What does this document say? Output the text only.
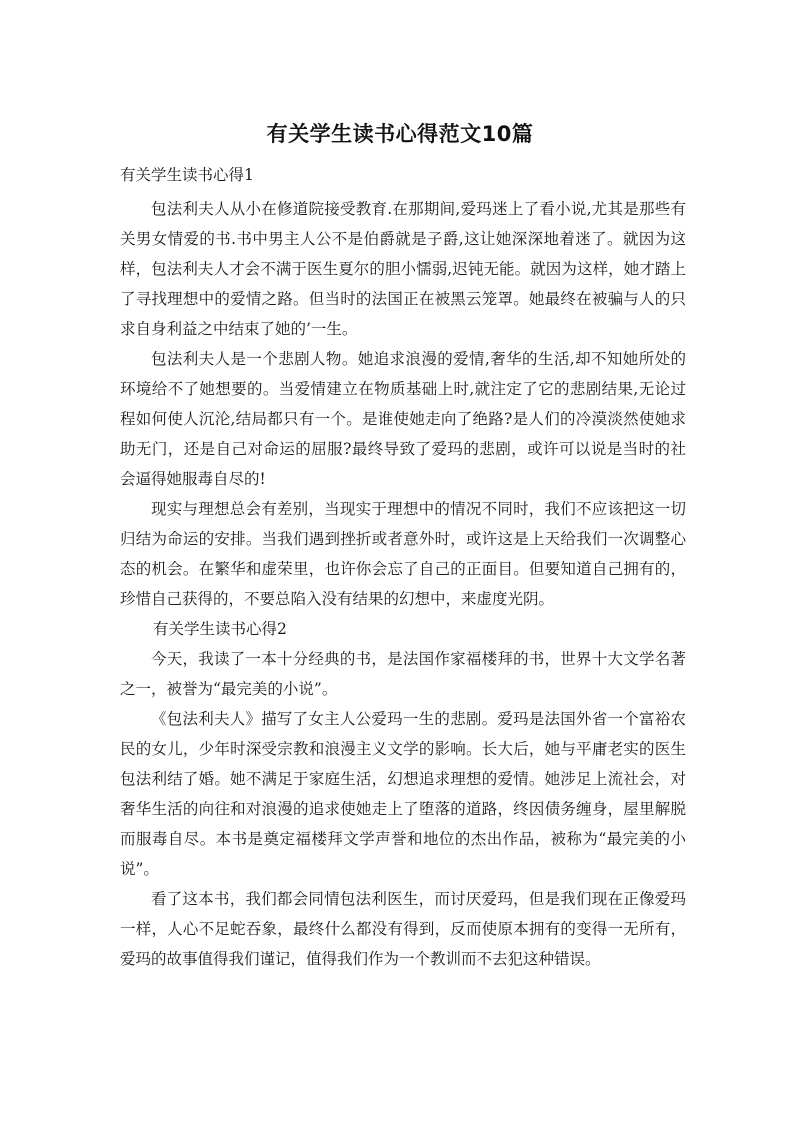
有关学生读书心得范文10篇
有关学生读书心得1

包法利夫人从小在修道院接受教育.在那期间,爱玛迷上了看小说,尤其是那些有关男女情爱的书.书中男主人公不是伯爵就是子爵,这让她深深地着迷了。就因为这样，包法利夫人才会不满于医生夏尔的胆小懦弱,迟钝无能。就因为这样，她才踏上了寻找理想中的爱情之路。但当时的法国正在被黑云笼罩。她最终在被骗与人的只求自身利益之中结束了她的’一生。

包法利夫人是一个悲剧人物。她追求浪漫的爱情,奢华的生活,却不知她所处的环境给不了她想要的。当爱情建立在物质基础上时,就注定了它的悲剧结果,无论过程如何使人沉沦,结局都只有一个。是谁使她走向了绝路?是人们的冷漠淡然使她求助无门，还是自己对命运的屈服?最终导致了爱玛的悲剧，或许可以说是当时的社会逼得她服毒自尽的!

现实与理想总会有差别，当现实于理想中的情况不同时，我们不应该把这一切归结为命运的安排。当我们遇到挫折或者意外时，或许这是上天给我们一次调整心态的机会。在繁华和虚荣里，也许你会忘了自己的正面目。但要知道自己拥有的，珍惜自己获得的，不要总陷入没有结果的幻想中，来虚度光阴。

有关学生读书心得2

今天，我读了一本十分经典的书，是法国作家福楼拜的书，世界十大文学名著之一，被誉为“最完美的小说”。

《包法利夫人》描写了女主人公爱玛一生的悲剧。爱玛是法国外省一个富裕农民的女儿，少年时深受宗教和浪漫主义文学的影响。长大后，她与平庸老实的医生包法利结了婚。她不满足于家庭生活，幻想追求理想的爱情。她涉足上流社会，对奢华生活的向往和对浪漫的追求使她走上了堕落的道路，终因债务缠身，屋里解脱而服毒自尽。本书是奠定福楼拜文学声誉和地位的杰出作品，被称为“最完美的小说”。

看了这本书，我们都会同情包法利医生，而讨厌爱玛，但是我们现在正像爱玛一样，人心不足蛇吞象，最终什么都没有得到，反而使原本拥有的变得一无所有，爱玛的故事值得我们谨记，值得我们作为一个教训而不去犯这种错误。
